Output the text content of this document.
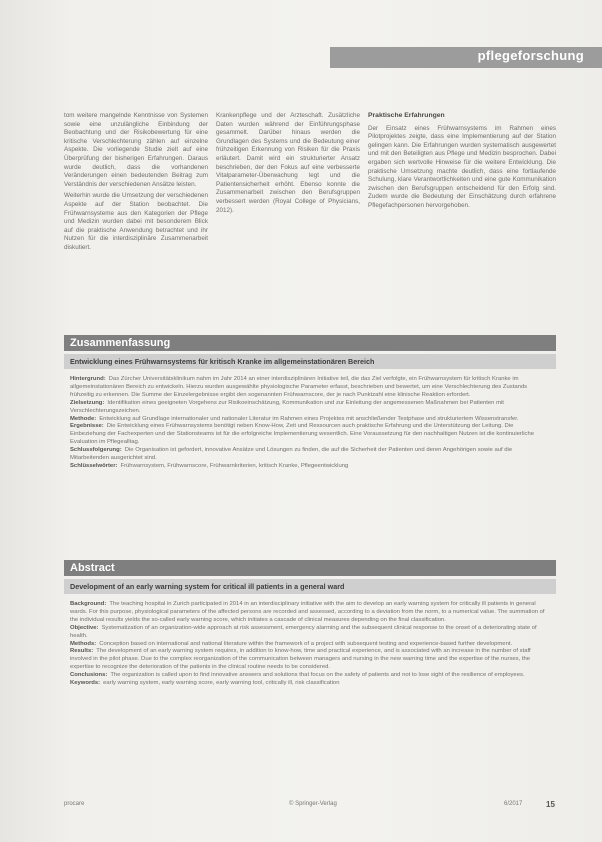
pflegeforschung

tom weitere mangelnde Kenntnisse von Systemen sowie eine unzulängliche Einbindung der Beobachtung und der Risikobewertung für eine kritische Verschlechterung zählen auf einzelne Aspekte. Die vorliegende Studie zielt auf eine Überprüfung der bisherigen Erfahrungen. Daraus wurde deutlich, dass die vorhandenen Veränderungen einen bedeutenden Beitrag zum Verständnis der verschiedenen Ansätze leisten.

Weiterhin wurde die Umsetzung der verschiedenen Aspekte auf der Station beobachtet. Die Frühwarnsysteme aus den Kategorien der Pflege und Medizin wurden dabei mit besonderem Blick auf die praktische Anwendung betrachtet und ihr Nutzen für die interdisziplinäre Zusammenarbeit diskutiert.

Krankenpflege und der Ärzteschaft. Zusätzliche Daten wurden während der Einführungsphase gesammelt. Darüber hinaus werden die Grundlagen des Systems und die Bedeutung einer frühzeitigen Erkennung von Risiken für die Praxis erläutert. Damit wird ein strukturierter Ansatz beschrieben, der den Fokus auf eine verbesserte Vitalparameter-Überwachung legt und die Patientensicherheit erhöht. Ebenso konnte die Zusammenarbeit zwischen den Berufsgruppen verbessert werden (Royal College of Physicians, 2012).

Praktische Erfahrungen

Der Einsatz eines Frühwarnsystems im Rahmen eines Pilotprojektes zeigte, dass eine Implementierung auf der Station gelingen kann. Die Erfahrungen wurden systematisch ausgewertet und mit den Beteiligten aus Pflege und Medizin besprochen. Dabei ergaben sich wertvolle Hinweise für die weitere Entwicklung. Die praktische Umsetzung machte deutlich, dass eine fortlaufende Schulung, klare Verantwortlichkeiten und eine gute Kommunikation zwischen den Berufsgruppen entscheidend für den Erfolg sind. Zudem wurde die Bedeutung der Einschätzung durch erfahrene Pflegefachpersonen hervorgehoben.

Zusammenfassung
Entwicklung eines Frühwarnsystems für kritisch Kranke im allgemeinstationären Bereich

Hintergrund: Das Zürcher Universitätsklinikum nahm im Jahr 2014 an einer interdisziplinären Initiative teil, die das Ziel verfolgte, ein Frühwarnsystem für kritisch Kranke im allgemeinstationären Bereich zu entwickeln. Hierzu wurden ausgewählte physiologische Parameter erfasst, beschrieben und bewertet, um eine Verschlechterung des Zustands frühzeitig zu erkennen. Die Summe der Einzelergebnisse ergibt den sogenannten Frühwarnscore, der je nach Punktzahl eine klinische Reaktion erfordert.

Zielsetzung: Identifikation eines geeigneten Vorgehens zur Risikoeinschätzung, Kommunikation und zur Einleitung der angemessenen Maßnahmen bei Patienten mit Verschlechterungszeichen.

Methode: Entwicklung auf Grundlage internationaler und nationaler Literatur im Rahmen eines Projektes mit anschließender Testphase und strukturiertem Wissenstransfer.

Ergebnisse: Die Entwicklung eines Frühwarnsystems benötigt neben Know-How, Zeit und Ressourcen auch praktische Erfahrung und die Unterstützung der Leitung. Die Einbeziehung der Fachexperten und der Stationsteams ist für die erfolgreiche Implementierung wesentlich. Eine Voraussetzung für den nachhaltigen Nutzen ist die kontinuierliche Evaluation im Pflegealltag.

Schlussfolgerung: Die Organisation ist gefordert, innovative Ansätze und Lösungen zu finden, die auf die Sicherheit der Patienten und deren Angehörigen sowie auf die Mitarbeitenden ausgerichtet sind.

Schlüsselwörter: Frühwarnsystem, Frühwarnscore, Frühwarnkriterien, kritisch Kranke, Pflegeentwicklung

Abstract
Development of an early warning system for critical ill patients in a general ward

Background: The teaching hospital in Zurich participated in 2014 in an interdisciplinary initiative with the aim to develop an early warning system for critically ill patients in general wards. For this purpose, physiological parameters of the affected persons are recorded and assessed, according to a deviation from the norm, to a numerical value. The summation of the individual results yields the so-called early warning score, which initiates a cascade of clinical measures depending on the final classification.

Objective: Systematization of an organization-wide approach at risk assessment, emergency alarming and the subsequent clinical response to the onset of a deteriorating state of health.

Methods: Conception based on international and national literature within the framework of a project with subsequent testing and experience-based further development.

Results: The development of an early warning system requires, in addition to know-how, time and practical experience, and is associated with an increase in the number of staff involved in the pilot phase. Due to the complex reorganization of the communication between managers and nursing in the new warning time and the expertise of the nurses, the expertise to recognize the deterioration of the patients in the clinical routine needs to be considered.

Conclusions: The organization is called upon to find innovative answers and solutions that focus on the safety of patients and not to lose sight of the resilience of employees.

Keywords: early warning system, early warning score, early warning tool, critically ill, risk classification

procare	© Springer-Verlag	6/2017	15
